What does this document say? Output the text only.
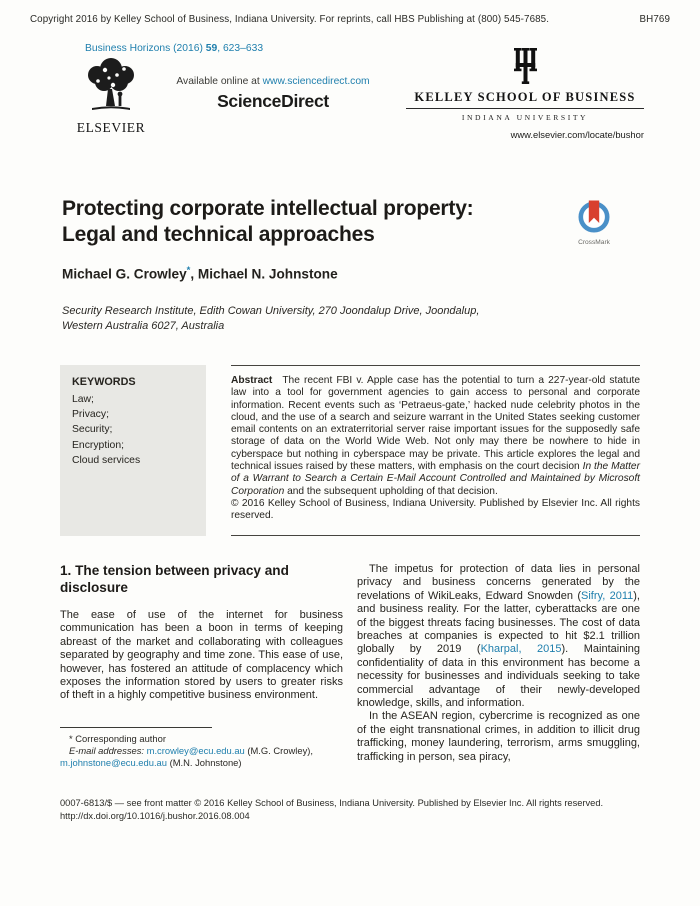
Copyright 2016 by Kelley School of Business, Indiana University. For reprints, call HBS Publishing at (800) 545-7685.	BH769
Business Horizons (2016) 59, 623–633
ELSEVIER
Available online at www.sciencedirect.com
ScienceDirect	KELLEY SCHOOL OF BUSINESS
INDIANA UNIVERSITY
www.elsevier.com/locate/bushor
Protecting corporate intellectual property:
Legal and technical approaches	CrossMark
Michael G. Crowley*, Michael N. Johnstone
Security Research Institute, Edith Cowan University, 270 Joondalup Drive, Joondalup,
Western Australia 6027, Australia
KEYWORDS
Law;
Privacy;
Security;
Encryption;
Cloud services
Abstract The recent FBI v. Apple case has the potential to turn a 227-year-old statute law into a tool for government agencies to gain access to personal and corporate information. Recent events such as ‘Petraeus-gate,’ hacked nude celebrity photos in the cloud, and the use of a search and seizure warrant in the United States seeking customer email contents on an extraterritorial server raise important issues for the supposedly safe storage of data on the World Wide Web. Not only may there be nowhere to hide in cyberspace but nothing in cyberspace may be private. This article explores the legal and technical issues raised by these matters, with emphasis on the court decision In the Matter of a Warrant to Search a Certain E-Mail Account Controlled and Maintained by Microsoft Corporation and the subsequent upholding of that decision.
© 2016 Kelley School of Business, Indiana University. Published by Elsevier Inc. All rights reserved.
1. The tension between privacy and disclosure
The ease of use of the internet for business communication has been a boon in terms of keeping abreast of the market and collaborating with colleagues separated by geography and time zone. This ease of use, however, has fostered an attitude of complacency which exposes the information stored by users to greater risks of theft in a highly competitive business environment.
* Corresponding author
E-mail addresses: m.crowley@ecu.edu.au (M.G. Crowley),
m.johnstone@ecu.edu.au (M.N. Johnstone)
The impetus for protection of data lies in personal privacy and business concerns generated by the revelations of WikiLeaks, Edward Snowden (Sifry, 2011), and business reality. For the latter, cyberattacks are one of the biggest threats facing businesses. The cost of data breaches at companies is expected to hit $2.1 trillion globally by 2019 (Kharpal, 2015). Maintaining confidentiality of data in this environment has become a necessity for businesses and individuals seeking to take commercial advantage of their newly-developed knowledge, skills, and information.
In the ASEAN region, cybercrime is recognized as one of the eight transnational crimes, in addition to illicit drug trafficking, money laundering, terrorism, arms smuggling, trafficking in person, sea piracy,
0007-6813/$ — see front matter © 2016 Kelley School of Business, Indiana University. Published by Elsevier Inc. All rights reserved.
http://dx.doi.org/10.1016/j.bushor.2016.08.004
